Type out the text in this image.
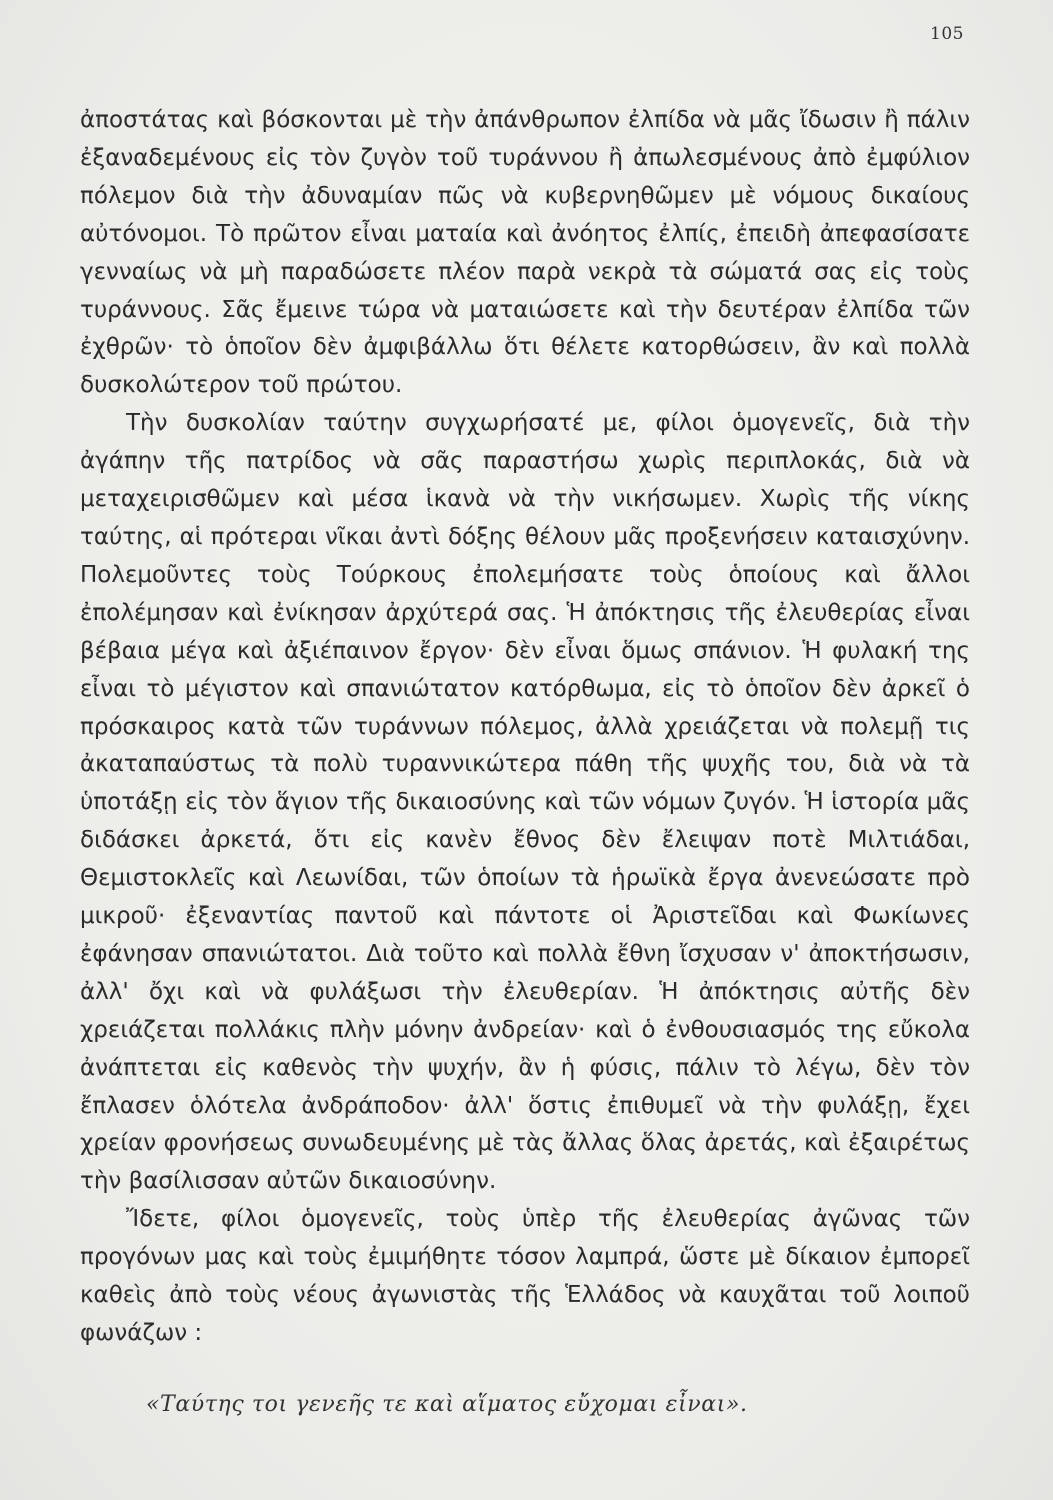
105

ἀποστάτας καὶ βόσκονται μὲ τὴν ἀπάνθρωπον ἐλπίδα νὰ μᾶς ἴδωσιν ἢ πάλιν ἐξαναδεμένους εἰς τὸν ζυγὸν τοῦ τυράννου ἢ ἀπωλεσμένους ἀπὸ ἐμφύλιον πόλεμον διὰ τὴν ἀδυναμίαν πῶς νὰ κυβερνηθῶμεν μὲ νόμους δικαίους αὐτόνομοι. Τὸ πρῶτον εἶναι ματαία καὶ ἀνόητος ἐλπίς, ἐπειδὴ ἀπεφασίσατε γενναίως νὰ μὴ παραδώσετε πλέον παρὰ νεκρὰ τὰ σώματά σας εἰς τοὺς τυράννους. Σᾶς ἔμεινε τώρα νὰ ματαιώσετε καὶ τὴν δευτέραν ἐλπίδα τῶν ἐχθρῶν· τὸ ὁποῖον δὲν ἀμφιβάλλω ὅτι θέλετε κατορθώσειν, ἂν καὶ πολλὰ δυσκολώτερον τοῦ πρώτου.

Τὴν δυσκολίαν ταύτην συγχωρήσατέ με, φίλοι ὁμογενεῖς, διὰ τὴν ἀγάπην τῆς πατρίδος νὰ σᾶς παραστήσω χωρὶς περιπλοκάς, διὰ νὰ μεταχειρισθῶμεν καὶ μέσα ἱκανὰ νὰ τὴν νικήσωμεν. Χωρὶς τῆς νίκης ταύτης, αἱ πρότεραι νῖκαι ἀντὶ δόξης θέλουν μᾶς προξενήσειν καταισχύνην. Πολεμοῦντες τοὺς Τούρκους ἐπολεμήσατε τοὺς ὁποίους καὶ ἄλλοι ἐπολέμησαν καὶ ἐνίκησαν ἀρχύτερά σας. Ἡ ἀπόκτησις τῆς ἐλευθερίας εἶναι βέβαια μέγα καὶ ἀξιέπαινον ἔργον· δὲν εἶναι ὅμως σπάνιον. Ἡ φυλακή της εἶναι τὸ μέγιστον καὶ σπανιώτατον κατόρθωμα, εἰς τὸ ὁποῖον δὲν ἀρκεῖ ὁ πρόσκαιρος κατὰ τῶν τυράννων πόλεμος, ἀλλὰ χρειάζεται νὰ πολεμῇ τις ἀκαταπαύστως τὰ πολὺ τυραννικώτερα πάθη τῆς ψυχῆς του, διὰ νὰ τὰ ὑποτάξῃ εἰς τὸν ἅγιον τῆς δικαιοσύνης καὶ τῶν νόμων ζυγόν. Ἡ ἱστορία μᾶς διδάσκει ἀρκετά, ὅτι εἰς κανὲν ἔθνος δὲν ἔλειψαν ποτὲ Μιλτιάδαι, Θεμιστοκλεῖς καὶ Λεωνίδαι, τῶν ὁποίων τὰ ἡρωϊκὰ ἔργα ἀνενεώσατε πρὸ μικροῦ· ἐξεναντίας παντοῦ καὶ πάντοτε οἱ Ἀριστεῖδαι καὶ Φωκίωνες ἐφάνησαν σπανιώτατοι. Διὰ τοῦτο καὶ πολλὰ ἔθνη ἴσχυσαν ν' ἀποκτήσωσιν, ἀλλ' ὄχι καὶ νὰ φυλάξωσι τὴν ἐλευθερίαν. Ἡ ἀπόκτησις αὐτῆς δὲν χρειάζεται πολλάκις πλὴν μόνην ἀνδρείαν· καὶ ὁ ἐνθουσιασμός της εὔκολα ἀνάπτεται εἰς καθενὸς τὴν ψυχήν, ἂν ἡ φύσις, πάλιν τὸ λέγω, δὲν τὸν ἔπλασεν ὁλότελα ἀνδράποδον· ἀλλ' ὅστις ἐπιθυμεῖ νὰ τὴν φυλάξῃ, ἔχει χρείαν φρονήσεως συνωδευμένης μὲ τὰς ἄλλας ὅλας ἀρετάς, καὶ ἐξαιρέτως τὴν βασίλισσαν αὐτῶν δικαιοσύνην.

Ἴδετε, φίλοι ὁμογενεῖς, τοὺς ὑπὲρ τῆς ἐλευθερίας ἀγῶνας τῶν προγόνων μας καὶ τοὺς ἐμιμήθητε τόσον λαμπρά, ὥστε μὲ δίκαιον ἐμπορεῖ καθεὶς ἀπὸ τοὺς νέους ἀγωνιστὰς τῆς Ἑλλάδος νὰ καυχᾶται τοῦ λοιποῦ φωνάζων :

«Ταύτης τοι γενεῆς τε καὶ αἵματος εὔχομαι εἶναι».
